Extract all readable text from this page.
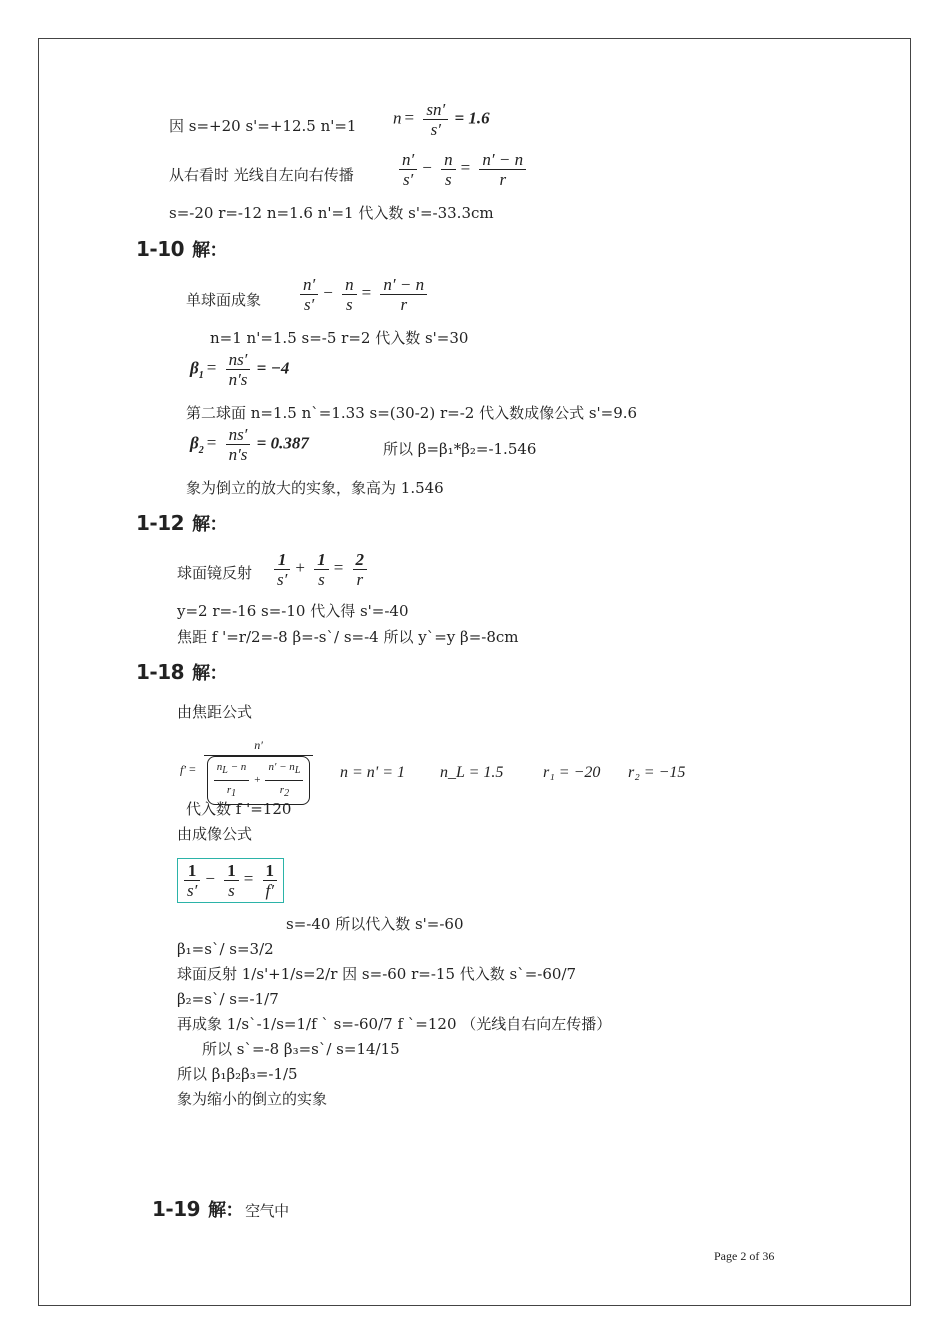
因 s=+20 s'=+12.5 n'=1 $n = \frac{sn'}{s'} = 1.6$
从右看时 光线自左向右传播	$\frac{n'}{s'} - \frac{n}{s} = \frac{n' - n}{r}$
s=-20 r=-12 n=1.6 n'=1 代入数 s'=-33.3cm
1-10 解：
单球面成象 $\frac{n'}{s'} - \frac{n}{s} = \frac{n' - n}{r}$
n=1 n'=1.5 s=-5 r=2 代入数 s'=30
$\beta_1 = \frac{ns'}{n's} = -4$
第二球面 n=1.5 n`=1.33 s=(30-2) r=-2 代入数成像公式 s'=9.6
$\beta_2 = \frac{ns'}{n's} = 0.387$	所以 β=β₁*β₂=-1.546
象为倒立的放大的实象，象高为 1.546
1-12 解：
球面镜反射 $\frac{1}{s'} + \frac{1}{s} = \frac{2}{r}$
y=2 r=-16 s=-10 代入得 s'=-40
焦距 f '=r/2=-8 β=-s`/ s=-4 所以 y`=y β=-8cm
1-18 解：
由焦距公式
$f' = \frac{n'}{\frac{n_L - n}{r_1} + \frac{n' - n_L}{r_2}}$ n = n' = 1 n_L = 1.5 r₁ = −20 r₂ = −15
代入数 f '=120
由成像公式
$\frac{1}{s'} - \frac{1}{s} = \frac{1}{f'}$
s=-40 所以代入数 s'=-60
β₁=s`/ s=3/2
球面反射 1/s'+1/s=2/r 因 s=-60 r=-15 代入数 s`=-60/7
β₂=s`/ s=-1/7
再成象 1/s`-1/s=1/f ` s=-60/7 f `=120 （光线自右向左传播）
所以 s`=-8 β₃=s`/ s=14/15
所以 β₁β₂β₃=-1/5
象为缩小的倒立的实象
1-19 解： 空气中
Page 2 of 36
